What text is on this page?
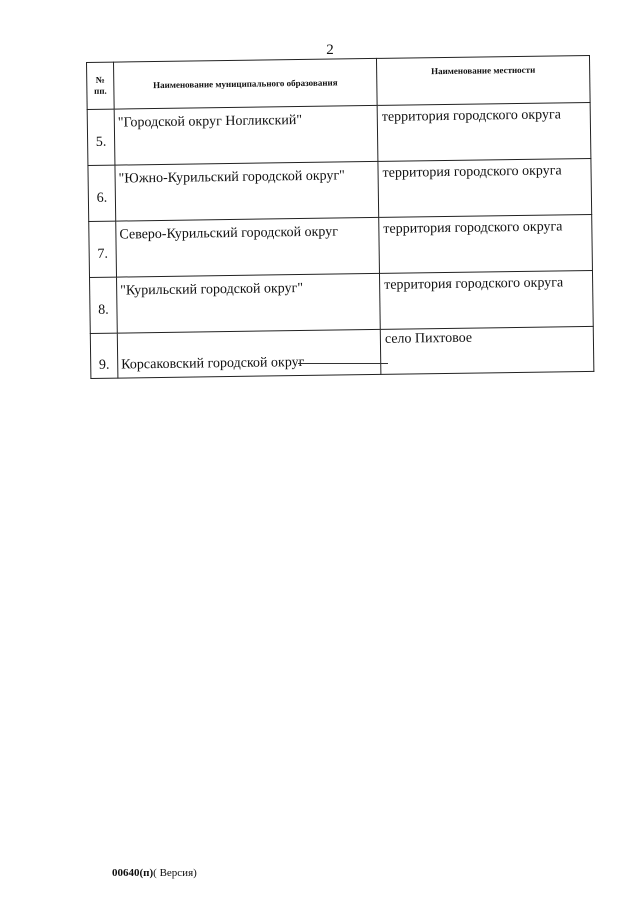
2
№
пп.	Наименование муниципального образования	Наименование местности
5.	"Городской округ Ногликский"	территория городского округа
6.	"Южно-Курильский городской округ"	территория городского округа
7.	Северо-Курильский городской округ	территория городского округа
8.	"Курильский городской округ"	территория городского округа
9.	Корсаковский городской округ	село Пихтовое
00640(п)( Версия)
